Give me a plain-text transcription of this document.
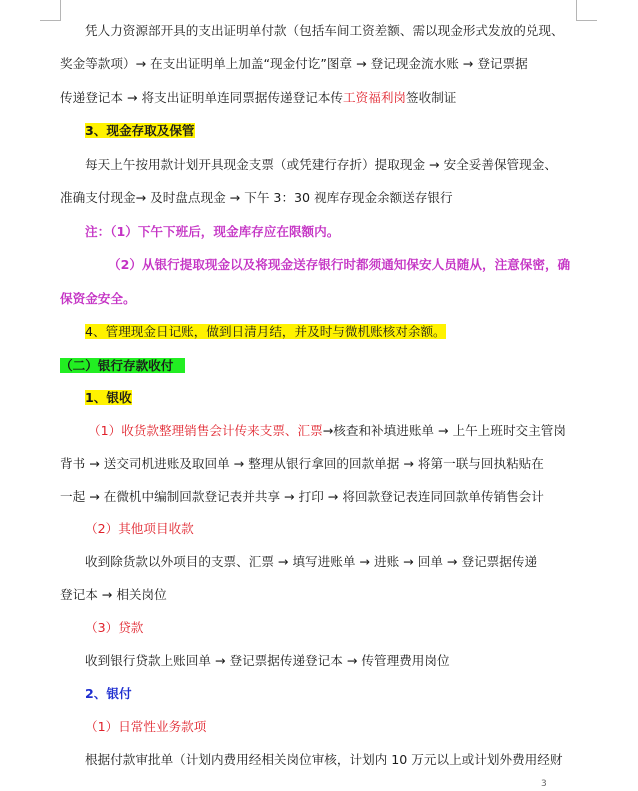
凭人力资源部开具的支出证明单付款（包括车间工资差额、需以现金形式发放的兑现、
奖金等款项）→ 在支出证明单上加盖“现金付讫”图章 → 登记现金流水账 → 登记票据
传递登记本 → 将支出证明单连同票据传递登记本传工资福利岗签收制证
3、现金存取及保管
每天上午按用款计划开具现金支票（或凭建行存折）提取现金 → 安全妥善保管现金、
准确支付现金→ 及时盘点现金 → 下午 3：30 视库存现金余额送存银行
注：（1）下午下班后，现金库存应在限额内。
（2）从银行提取现金以及将现金送存银行时都须通知保安人员随从，注意保密，确
保资金安全。
4、管理现金日记账，做到日清月结，并及时与微机账核对余额。
（二）银行存款收付
1、银收
（1）收货款整理销售会计传来支票、汇票→核查和补填进账单 → 上午上班时交主管岗
背书 → 送交司机进账及取回单 → 整理从银行拿回的回款单据 → 将第一联与回执粘贴在
一起 → 在微机中编制回款登记表并共享 → 打印 → 将回款登记表连同回款单传销售会计
（2）其他项目收款
收到除货款以外项目的支票、汇票 → 填写进账单 → 进账 → 回单 → 登记票据传递
登记本 → 相关岗位
（3）贷款
收到银行贷款上账回单 → 登记票据传递登记本 → 传管理费用岗位
2、银付
（1）日常性业务款项
根据付款审批单（计划内费用经相关岗位审核，计划内 10 万元以上或计划外费用经财
3
